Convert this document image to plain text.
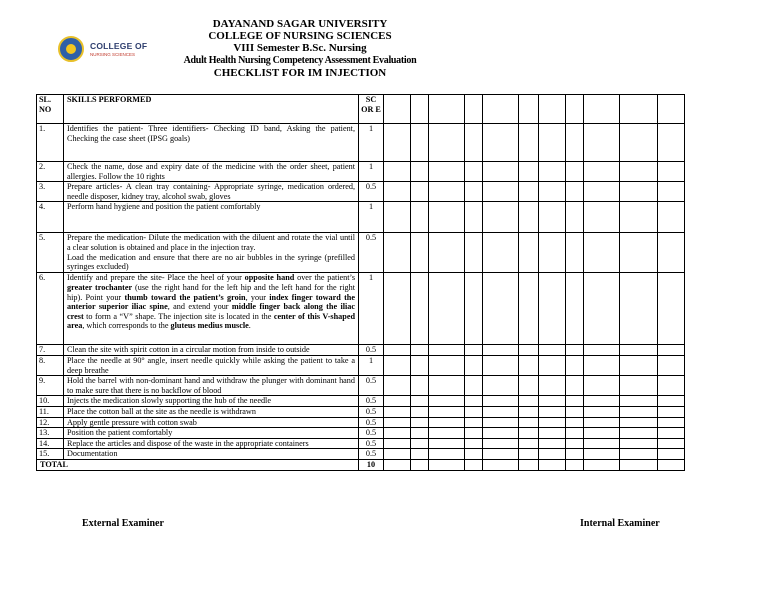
COLLEGE OF
NURSING SCIENCES
DAYANAND SAGAR UNIVERSITY
COLLEGE OF NURSING SCIENCES
VIII Semester B.Sc. Nursing
Adult Health Nursing Competency Assessment Evaluation
CHECKLIST FOR IM INJECTION
SL. NO	SKILLS PERFORMED	SC OR E											
1.	Identifies the patient- Three identifiers- Checking ID band, Asking the patient, Checking the case sheet (IPSG goals)	1											
2.	Check the name, dose and expiry date of the medicine with the order sheet, patient allergies. Follow the 10 rights	1											
3.	Prepare articles- A clean tray containing- Appropriate syringe, medication ordered, needle disposer, kidney tray, alcohol swab, gloves	0.5											
4.	Perform hand hygiene and position the patient comfortably	1											
5.	Prepare the medication- Dilute the medication with the diluent and rotate the vial until a clear solution is obtained and place in the injection tray.
Load the medication and ensure that there are no air bubbles in the syringe (prefilled syringes excluded)	0.5											
6.	Identify and prepare the site- Place the heel of your opposite hand over the patient’s greater trochanter (use the right hand for the left hip and the left hand for the right hip). Point your thumb toward the patient’s groin, your index finger toward the anterior superior iliac spine, and extend your middle finger back along the iliac crest to form a “V” shape. The injection site is located in the center of this V-shaped area, which corresponds to the gluteus medius muscle.	1											
7.	Clean the site with spirit cotton in a circular motion from inside to outside	0.5											
8.	Place the needle at 90° angle, insert needle quickly while asking the patient to take a deep breathe	1											
9.	Hold the barrel with non-dominant hand and withdraw the plunger with dominant hand to make sure that there is no backflow of blood	0.5											
10.	Injects the medication slowly supporting the hub of the needle	0.5											
11.	Place the cotton ball at the site as the needle is withdrawn	0.5											
12.	Apply gentle pressure with cotton swab	0.5											
13.	Position the patient comfortably	0.5											
14.	Replace the articles and dispose of the waste in the appropriate containers	0.5											
15.	Documentation	0.5											
TOTAL		10											
External Examiner	Internal Examiner
